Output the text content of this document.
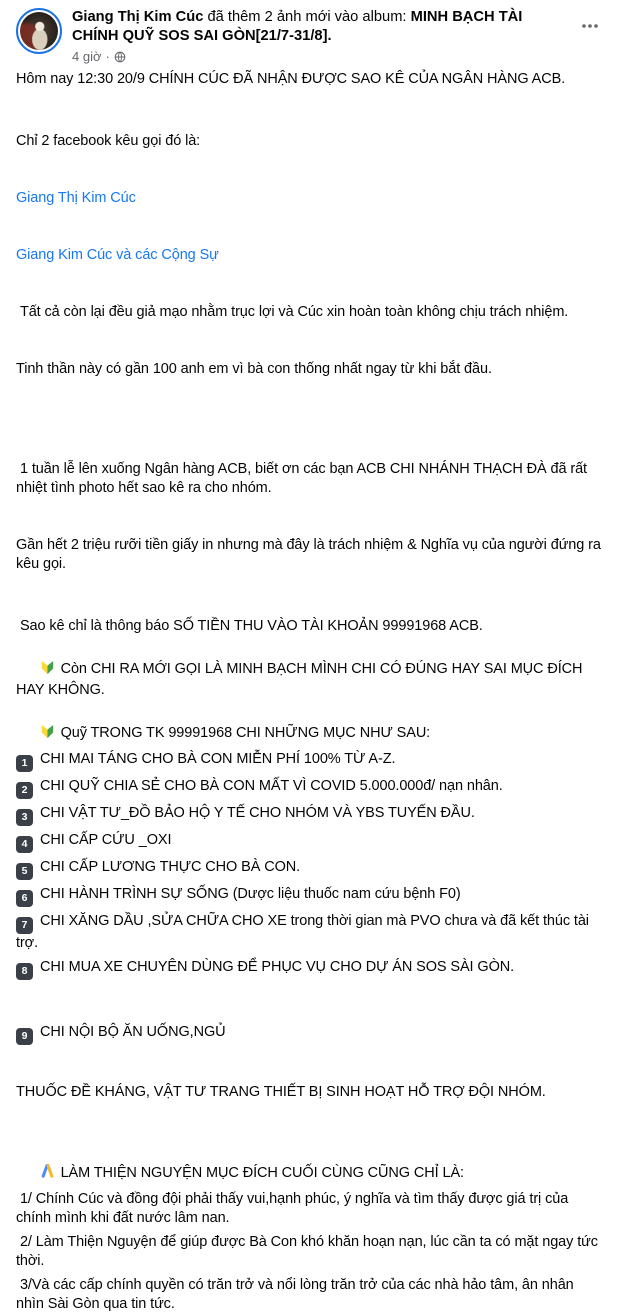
Giang Thị Kim Cúc đã thêm 2 ảnh mới vào album: MINH BẠCH TÀI CHÍNH QUỸ SOS SAI GÒN[21/7-31/8].
4 giờ ·
Hôm nay 12:30 20/9 CHÍNH CÚC ĐÃ NHẬN ĐƯỢC SAO KÊ CỦA NGÂN HÀNG ACB.

Chỉ 2 facebook kêu gọi đó là:

Giang Thị Kim Cúc

Giang Kim Cúc và các Cộng Sự

Tất cả còn lại đều giả mạo nhằm trục lợi và Cúc xin hoàn toàn không chịu trách nhiệm.

Tinh thần này có gần 100 anh em vì bà con thống nhất ngay từ khi bắt đầu.

1 tuần lễ lên xuống Ngân hàng ACB, biết ơn các bạn ACB CHI NHÁNH THẠCH ĐÀ đã rất nhiệt tình photo hết sao kê ra cho nhóm.

Gần hết 2 triệu rưỡi tiền giấy in nhưng mà đây là trách nhiệm & Nghĩa vụ của người đứng ra kêu gọi.

Sao kê chỉ là thông báo SỐ TIỀN THU VÀO TÀI KHOẢN 99991968 ACB.

Còn CHI RA MỚI GỌI LÀ MINH BẠCH MÌNH CHI CÓ ĐÚNG HAY SAI MỤC ĐÍCH HAY KHÔNG.

Quỹ TRONG TK 99991968 CHI NHỮNG MỤC NHƯ SAU:
1 CHI MAI TÁNG CHO BÀ CON MIỄN PHÍ 100% TỪ A-Z.
2 CHI QUỸ CHIA SẺ CHO BÀ CON MẤT VÌ COVID 5.000.000đ/ nạn nhân.
3 CHI VẬT TƯ_ĐỒ BẢO HỘ Y TẾ CHO NHÓM VÀ YBS TUYẾN ĐẦU.
4 CHI CẤP CỨU _OXI
5 CHI CẤP LƯƠNG THỰC CHO BÀ CON.
6 CHI HÀNH TRÌNH SỰ SỐNG (Dược liệu thuốc nam cứu bệnh F0)
7 CHI XĂNG DẦU ,SỬA CHỮA CHO XE trong thời gian mà PVO chưa và đã kết thúc tài trợ.
8 CHI MUA XE CHUYÊN DÙNG ĐỂ PHỤC VỤ CHO DỰ ÁN SOS SÀI GÒN.

9 CHI NỘI BỘ ĂN UỐNG,NGỦ

THUỐC ĐỀ KHÁNG, VẬT TƯ TRANG THIẾT BỊ SINH HOẠT HỖ TRỢ ĐỘI NHÓM.

LÀM THIỆN NGUYỆN MỤC ĐÍCH CUỐI CÙNG CŨNG CHỈ LÀ:
1/ Chính Cúc và đồng đội phải thấy vui,hạnh phúc, ý nghĩa và tìm thấy được giá trị của chính mình khi đất nước lâm nan.
2/ Làm Thiện Nguyện để giúp được Bà Con khó khăn hoạn nạn, lúc cần ta có mặt ngay tức thời.
3/Và các cấp chính quyền có trăn trở và nổi lòng trăn trở của các nhà hảo tâm, ân nhân nhìn Sài Gòn qua tin tức.
